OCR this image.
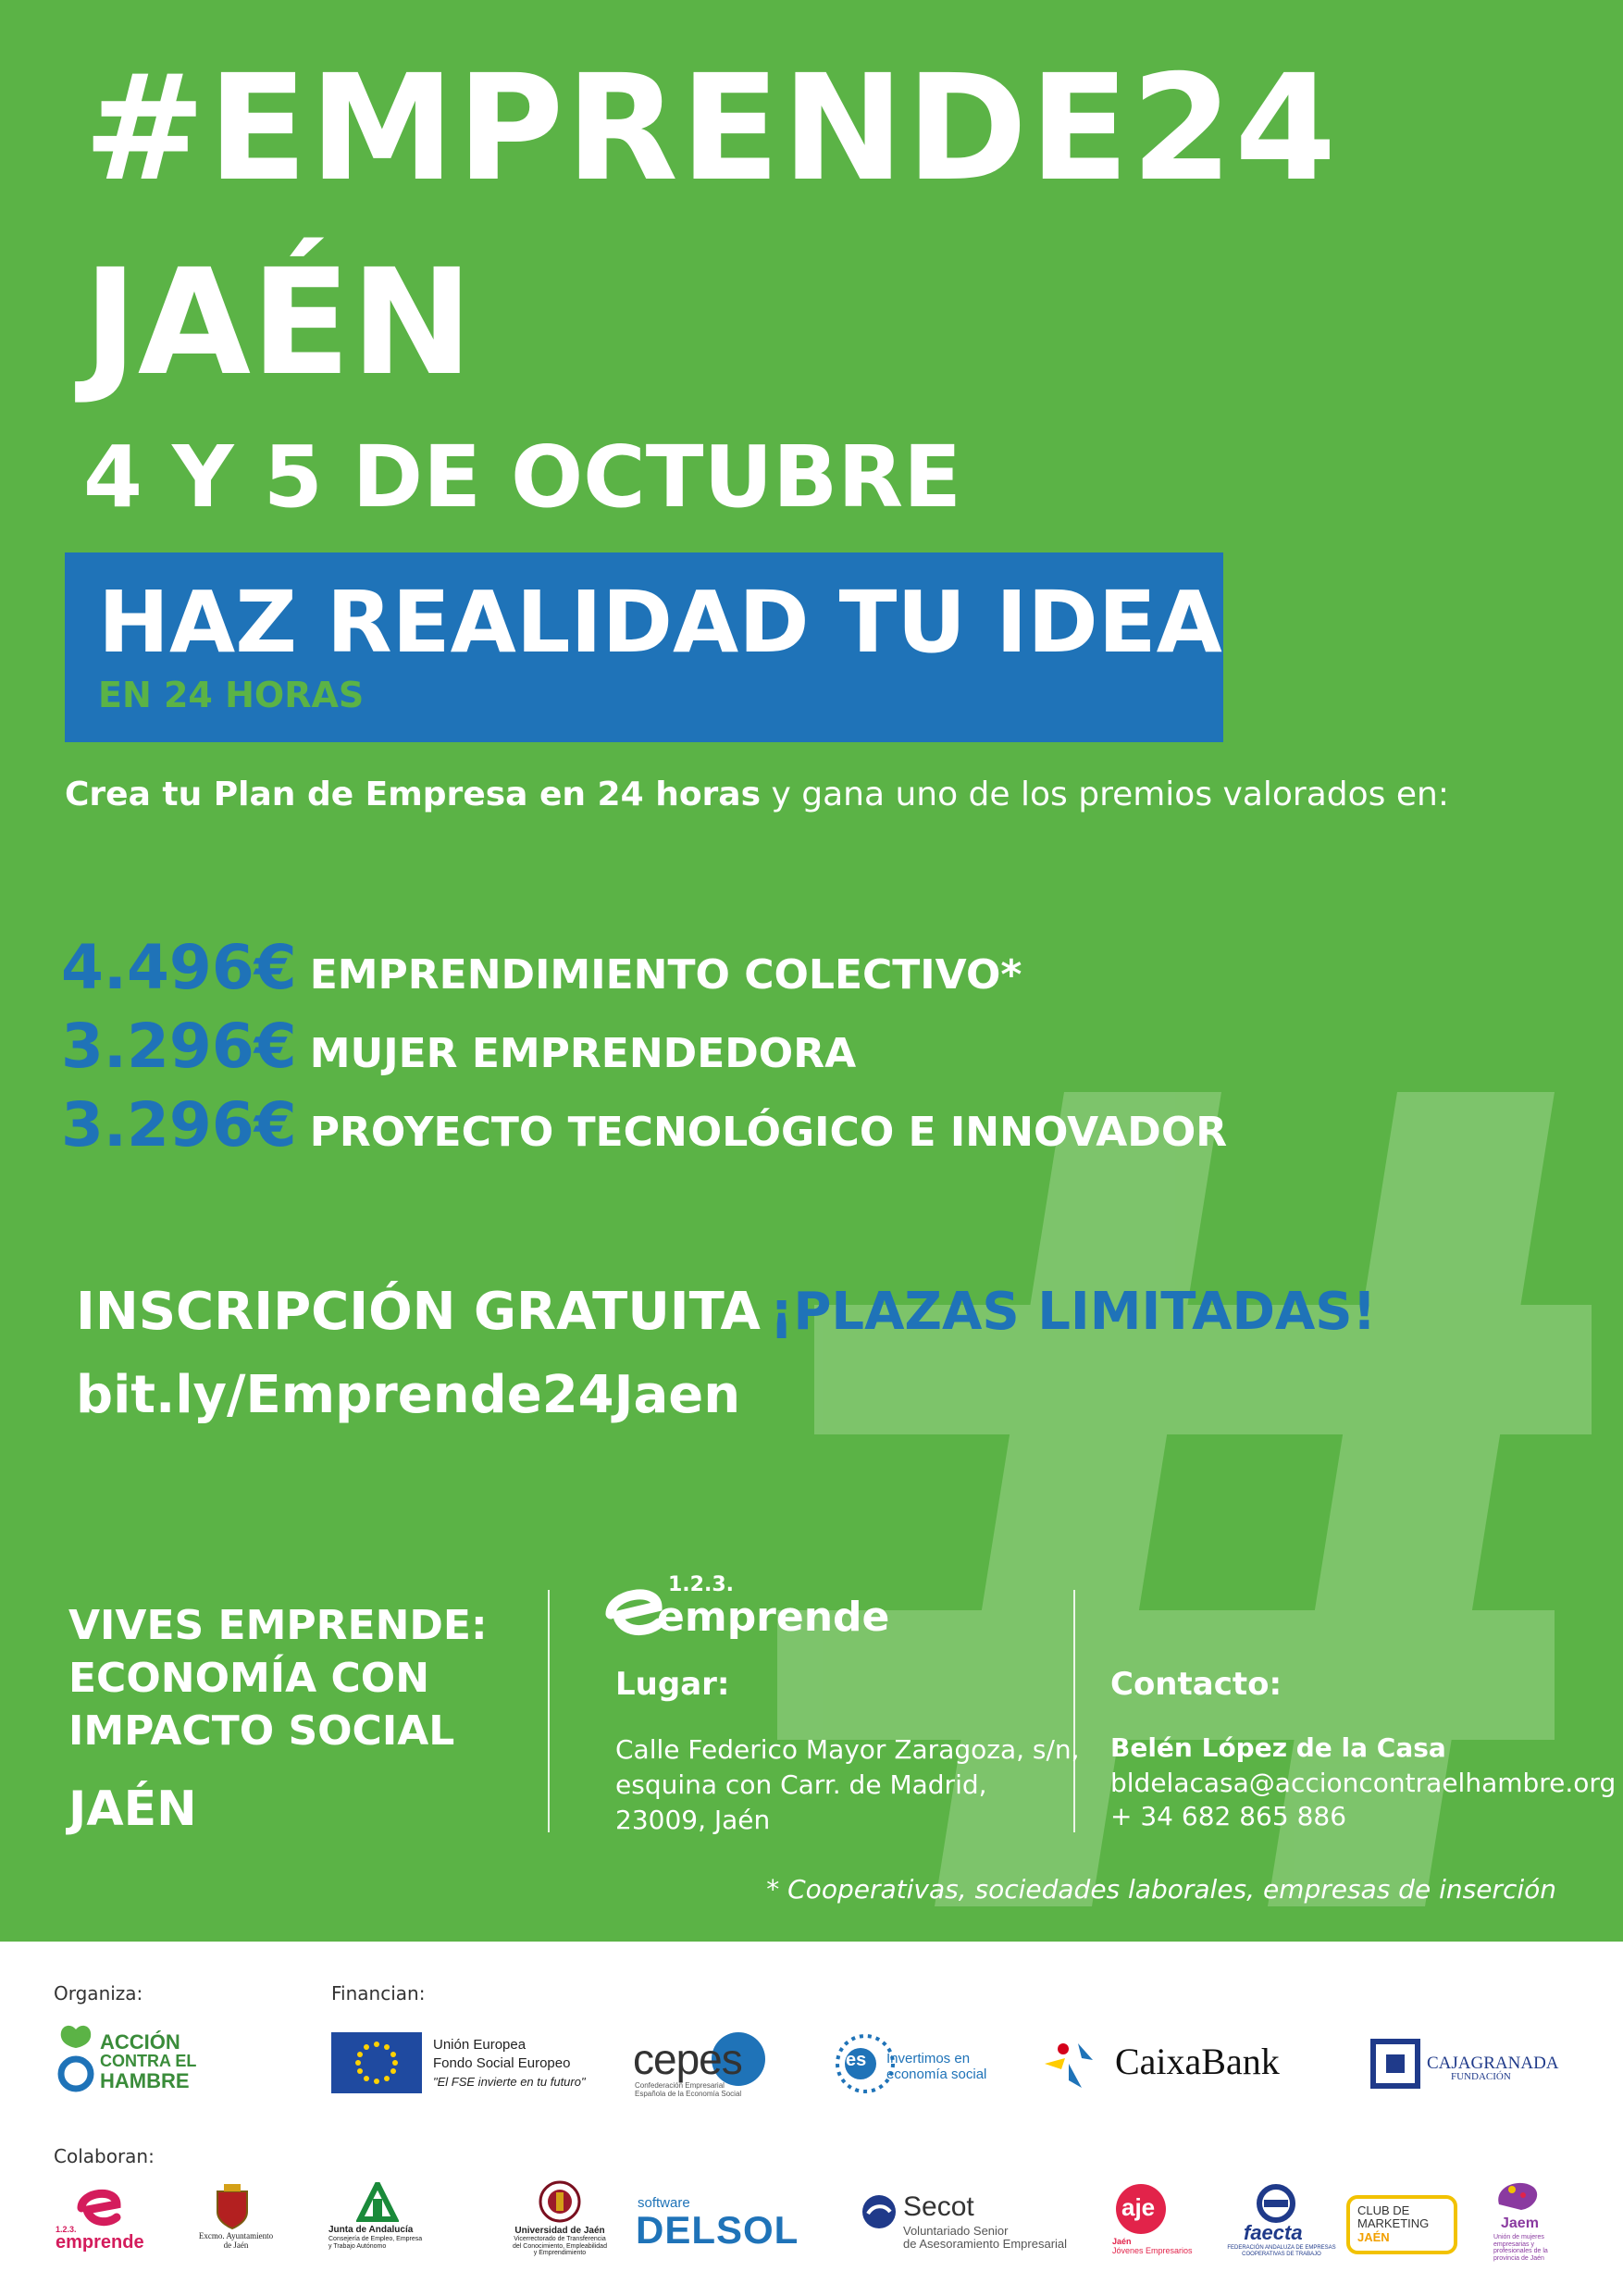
#EMPRENDE24
JAÉN
4 Y 5 DE OCTUBRE
HAZ REALIDAD TU IDEA
EN 24 HORAS
Crea tu Plan de Empresa en 24 horas y gana uno de los premios valorados en:
4.496€ EMPRENDIMIENTO COLECTIVO*
3.296€ MUJER EMPRENDEDORA
3.296€ PROYECTO TECNOLÓGICO E INNOVADOR
INSCRIPCIÓN GRATUITA ¡PLAZAS LIMITADAS!
bit.ly/Emprende24Jaen
VIVES EMPRENDE:
ECONOMÍA CON
IMPACTO SOCIAL
JAÉN
1.2.3.
emprende
Lugar:
Calle Federico Mayor Zaragoza, s/n,
esquina con Carr. de Madrid,
23009, Jaén
Contacto:
Belén López de la Casa
bldelacasa@accioncontraelhambre.org
+ 34 682 865 886
* Cooperativas, sociedades laborales, empresas de inserción
Organiza:	Financian:
Colaboran:
ACCIÓN
CONTRA EL
HAMBRE
Unión Europea
Fondo Social Europeo
"El FSE invierte en tu futuro" cepes
Confederación Empresarial
Española de la Economía Social
es Invertimos en
economía social	CaixaBank	CAJAGRANADA
FUNDACIÓN
1.2.3.
emprende	Excmo. Ayuntamiento
de Jaén
Junta de Andalucía
Consejería de Empleo, Empresa
y Trabajo Autónomo
Universidad de Jaén
Vicerrectorado de Transferencia
del Conocimiento, Empleabilidad
y Emprendimiento
software
DELSOL
Secot
Voluntariado Senior
de Asesoramiento Empresarial
aje
Jaén
Jóvenes Empresarios
faecta
FEDERACIÓN ANDALUZA DE EMPRESAS
COOPERATIVAS DE TRABAJO
CLUB DE
MARKETING
JAÉN
Jaem
Unión de mujeres
empresarias y
profesionales de la
provincia de Jaén
